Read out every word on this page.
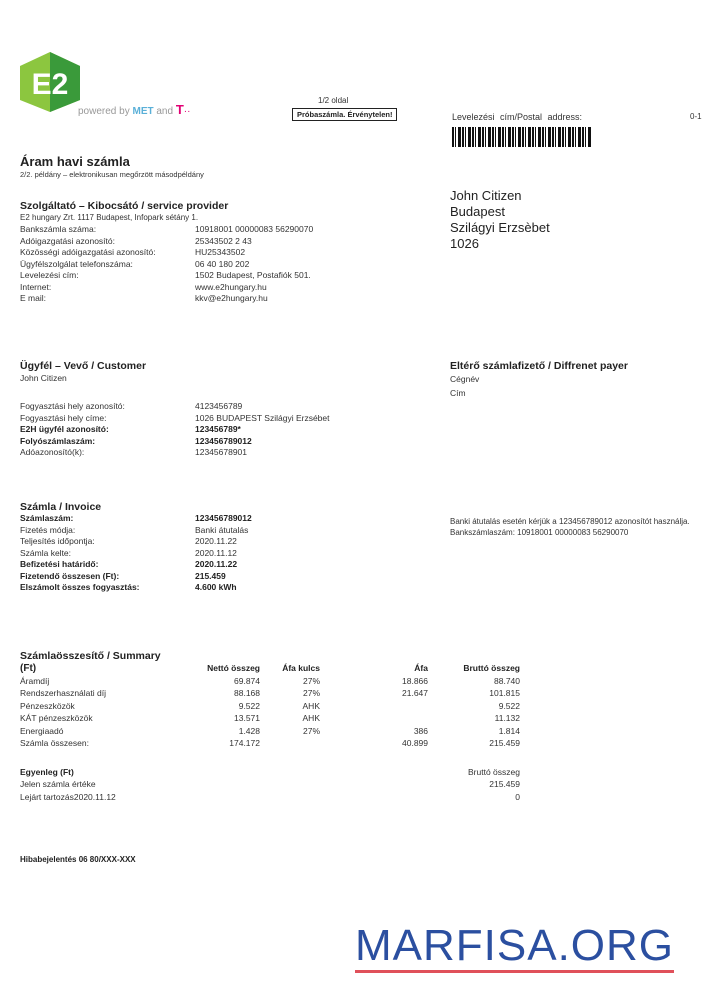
E2
powered by MET and T··
1/2 oldal
Próbaszámla. Érvénytelen!	Levelezési cím/Postal address:	0-1
Áram havi számla
2/2. példány – elektronikusan megőrzött másodpéldány
John Citizen
Budapest
Szilágyi Erzsèbet
1026
Szolgáltató – Kibocsátó / service provider
E2 hungary Zrt. 1117 Budapest, Infopark sétány 1.
Bankszámla száma:	10918001 00000083 56290070
Adóigazgatási azonosító:	25343502 2 43
Közösségi adóigazgatási azonosító:	HU25343502
Ügyfélszolgálat telefonszáma:	06 40 180 202
Levelezési cím:	1502 Budapest, Postafiók 501.
Internet:	www.e2hungary.hu
E mail:	kkv@e2hungary.hu
Ügyfél – Vevő / Customer
John Citizen
Fogyasztási hely azonosító:	4123456789
Fogyasztási hely címe:	1026 BUDAPEST Szilágyi Erzsébet
E2H ügyfél azonosító:	123456789*
Folyószámlaszám:	123456789012
Adóazonosító(k):	12345678901
Eltérő számlafizető / Diffrenet payer
Cégnév
Cím
Számla / Invoice
Számlaszám:	123456789012
Fizetés módja:	Banki átutalás
Teljesítés időpontja:	2020.11.22
Számla kelte:	2020.11.12
Befizetési határidő:	2020.11.22
Fizetendő összesen (Ft):	215.459
Elszámolt összes fogyasztás:	4.600 kWh
Banki átutalás esetén kérjük a 123456789012 azonosítót használja.
Bankszámlaszám: 10918001 00000083 56290070
Számlaösszesítő / Summary
(Ft)	Nettó összeg	Áfa kulcs	Áfa	Bruttó összeg
Áramdíj	69.874	27%	18.866	88.740
Rendszerhasználati díj	88.168	27%	21.647	101.815
Pénzeszközök	9.522	AHK		9.522
KÁT pénzeszközök	13.571	AHK		11.132
Energiaadó	1.428	27%	386	1.814
Számla összesen:	174.172		40.899	215.459
Egyenleg (Ft)	Bruttó összeg
Jelen számla értéke	215.459
Lejárt tartozás2020.11.12	0
Hibabejelentés 06 80/XXX-XXX
MARFISA.ORG
